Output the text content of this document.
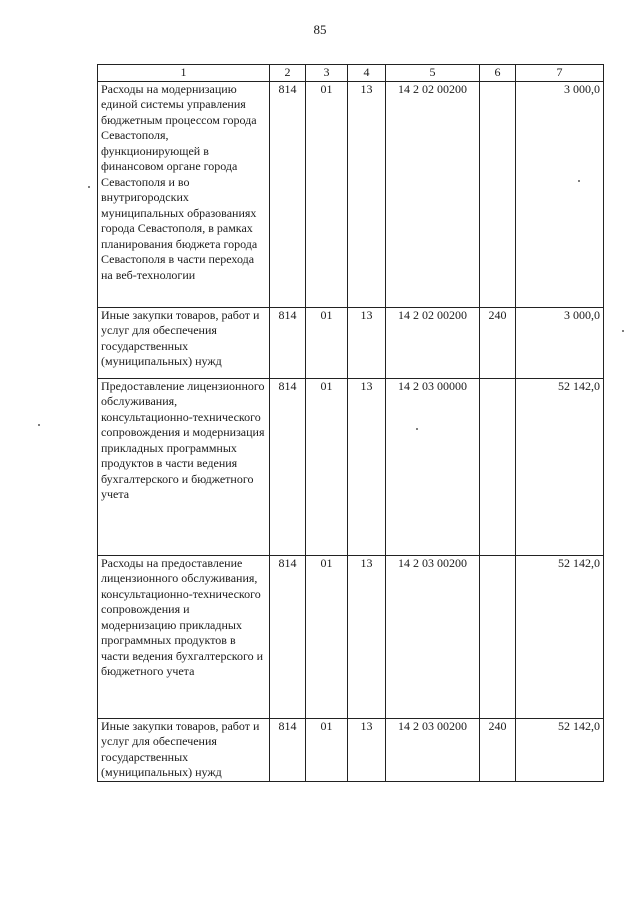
85
1	2	3	4	5	6	7
Расходы на модернизацию единой системы управления бюджетным процессом города Севастополя, функционирующей в финансовом органе города Севастополя и во внутригородских муниципальных образованиях города Севастополя, в рамках планирования бюджета города Севастополя в части перехода на веб-технологии	814	01	13	14 2 02 00200		3 000,0
Иные закупки товаров, работ и услуг для обеспечения государственных (муниципальных) нужд	814	01	13	14 2 02 00200	240	3 000,0
Предоставление лицензионного обслуживания, консультационно-технического сопровождения и модернизация прикладных программных продуктов в части ведения бухгалтерского и бюджетного учета	814	01	13	14 2 03 00000		52 142,0
Расходы на предоставление лицензионного обслуживания, консультационно-технического сопровождения и модернизацию прикладных программных продуктов в части ведения бухгалтерского и бюджетного учета	814	01	13	14 2 03 00200		52 142,0
Иные закупки товаров, работ и услуг для обеспечения государственных (муниципальных) нужд	814	01	13	14 2 03 00200	240	52 142,0
